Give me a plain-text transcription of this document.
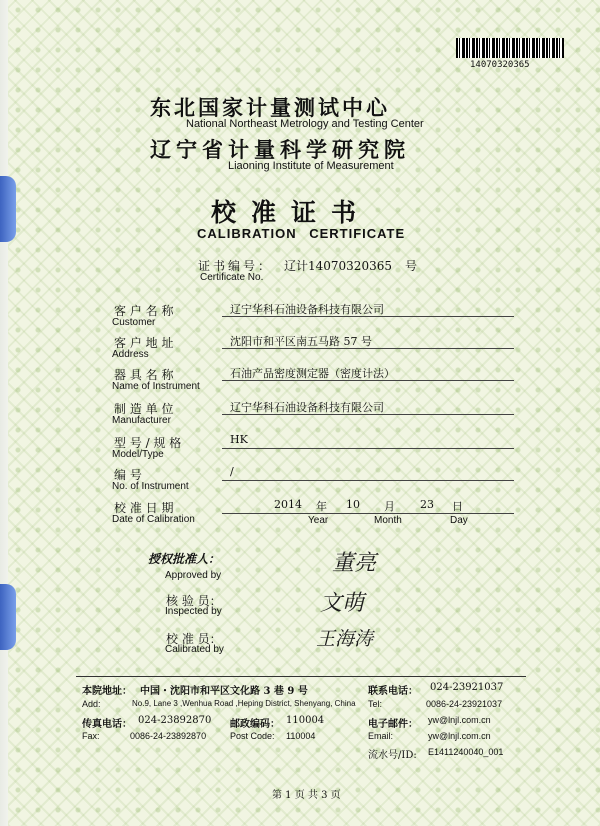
14070320365
东北国家计量测试中心
National Northeast Metrology and Testing Center
辽宁省计量科学研究院
Liaoning Institute of Measurement
校准证书
CALIBRATION CERTIFICATE
证书编号： 辽计14070320365 号
Certificate No.
客 户 名 称	辽宁华科石油设备科技有限公司
Customer
客 户 地 址	沈阳市和平区南五马路 57 号
Address
器 具 名 称	石油产品密度测定器（密度计法）
Name of Instrument
制 造 单 位	辽宁华科石油设备科技有限公司
Manufacturer
型 号 / 规 格	HK
Model/Type
编 号	/
No. of Instrument
校 准 日 期	2014 年 10 月 23 日
Date of Calibration	Year	Month	Day
授权批准人：
Approved by	董亮
核 验 员：
Inspected by	文萌
校 准 员：
Calibrated by	王海涛
本院地址： 中国・沈阳市和平区文化路 3 巷 9 号	联系电话： 024-23921037
Add:	No.9, Lane 3 ,Wenhua Road ,Heping District, Shenyang, China Tel:	0086-24-23921037
传真电话： 024-23892870 邮政编码： 110004	电子邮件： yw@lnjl.com.cn
Fax:	0086-24-23892870	Post Code: 110004	Email:	yw@lnjl.com.cn
流水号/ID: E1411240040_001
第 1 页 共 3 页
